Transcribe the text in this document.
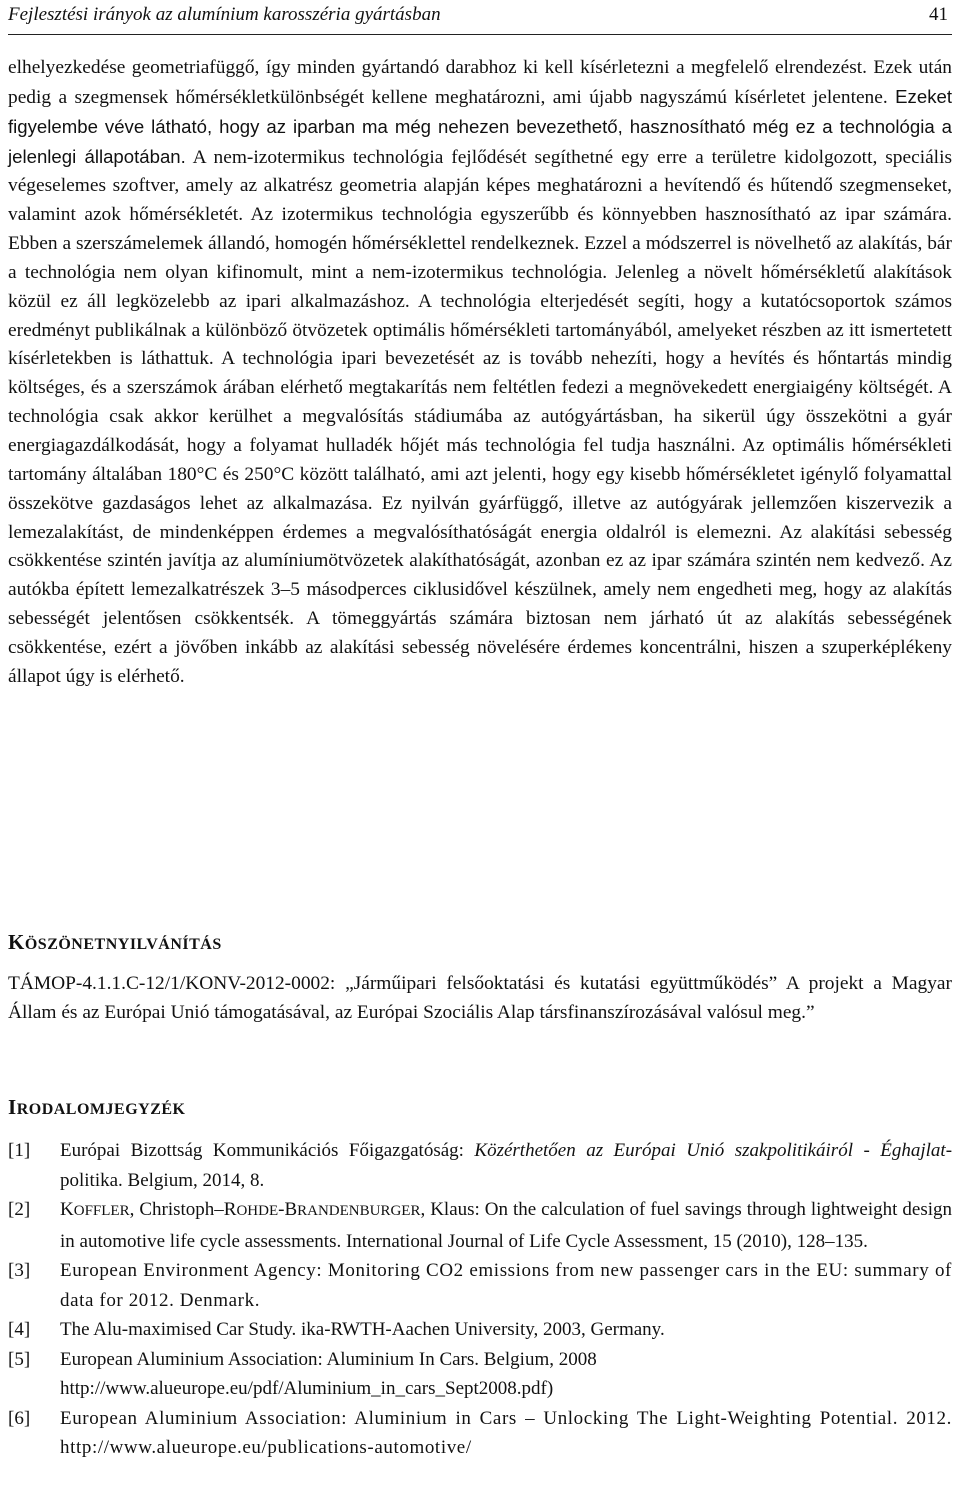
Fejlesztési irányok az alumínium karosszéria gyártásban	41

elhelyezkedése geometriafüggő, így minden gyártandó darabhoz ki kell kísérletezni a megfelelő elrendezést. Ezek után pedig a szegmensek hőmérsékletkülönbségét kellene meghatározni, ami újabb nagyszámú kísérletet jelentene. Ezeket figyelembe véve látható, hogy az iparban ma még nehezen bevezethető, hasznosítható még ez a technológia a jelenlegi állapotában. A nem-izotermikus technológia fejlődését segíthetné egy erre a területre kidolgozott, speciális végeselemes szoftver, amely az alkatrész geometria alapján képes meghatározni a hevítendő és hűtendő szegmenseket, valamint azok hőmérsékletét. Az izotermikus technológia egyszerűbb és könnyebben hasznosítható az ipar számára. Ebben a szerszámelemek állandó, homogén hőmérséklettel rendelkeznek. Ezzel a módszerrel is növelhető az alakítás, bár a technológia nem olyan kifinomult, mint a nem-izotermikus technológia. Jelenleg a növelt hőmérsékletű alakítások közül ez áll legközelebb az ipari alkalmazáshoz. A technológia elterjedését segíti, hogy a kutatócsoportok számos eredményt publikálnak a különböző ötvözetek optimális hőmérsékleti tartományából, amelyeket részben az itt ismertetett kísérletekben is láthattuk. A technológia ipari bevezetését az is tovább nehezíti, hogy a hevítés és hőntartás mindig költséges, és a szerszámok árában elérhető megtakarítás nem feltétlen fedezi a megnövekedett energiaigény költségét. A technológia csak akkor kerülhet a megvalósítás stádiumába az autógyártásban, ha sikerül úgy összekötni a gyár energiagazdálkodását, hogy a folyamat hulladék hőjét más technológia fel tudja használni. Az optimális hőmérsékleti tartomány általában 180°C és 250°C között található, ami azt jelenti, hogy egy kisebb hőmérsékletet igénylő folyamattal összekötve gazdaságos lehet az alkalmazása. Ez nyilván gyárfüggő, illetve az autógyárak jellemzően kiszervezik a lemezalakítást, de mindenképpen érdemes a megvalósíthatóságát energia oldalról is elemezni. Az alakítási sebesség csökkentése szintén javítja az alumíniumötvözetek alakíthatóságát, azonban ez az ipar számára szintén nem kedvező. Az autókba épített lemezalkatrészek 3–5 másodperces ciklusidővel készülnek, amely nem engedheti meg, hogy az alakítás sebességét jelentősen csökkentsék. A tömeggyártás számára biztosan nem járható út az alakítás sebességének csökkentése, ezért a jövőben inkább az alakítási sebesség növelésére érdemes koncentrálni, hiszen a szuperképlékeny állapot úgy is elérhető.

KÖSZÖNETNYILVÁNÍTÁS

TÁMOP-4.1.1.C-12/1/KONV-2012-0002: „Járműipari felsőoktatási és kutatási együttműködés” A projekt a Magyar Állam és az Európai Unió támogatásával, az Európai Szociális Alap társfinanszírozásával valósul meg.”

IRODALOMJEGYZÉK
[1] Európai Bizottság Kommunikációs Főigazgatóság: Közérthetően az Európai Unió szakpolitikáiról - Éghajlat-politika. Belgium, 2014, 8.

[2] KOFFLER, Christoph–ROHDE-BRANDENBURGER, Klaus: On the calculation of fuel savings through lightweight design in automotive life cycle assessments. International Journal of Life Cycle Assessment, 15 (2010), 128–135.

[3] European Environment Agency: Monitoring CO2 emissions from new passenger cars in the EU: summary of data for 2012. Denmark.

[4] The Alu-maximised Car Study. ika-RWTH-Aachen University, 2003, Germany.

[5] European Aluminium Association: Aluminium In Cars. Belgium, 2008
http://www.alueurope.eu/pdf/Aluminium_in_cars_Sept2008.pdf)

[6] European Aluminium Association: Aluminium in Cars – Unlocking The Light-Weighting Potential. 2012. http://www.alueurope.eu/publications-automotive/
